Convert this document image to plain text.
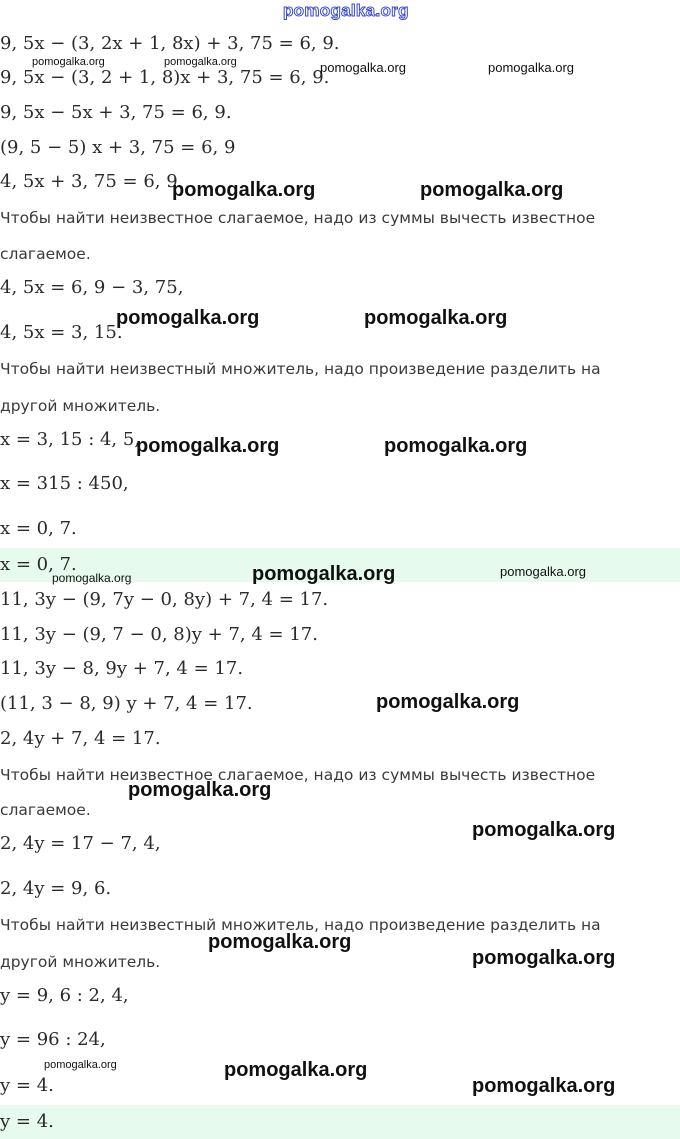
pomogalka.org
9, 5x − (3, 2x + 1, 8x) + 3, 75 = 6, 9.
9, 5x − (3, 2 + 1, 8)x + 3, 75 = 6, 9.
9, 5x − 5x + 3, 75 = 6, 9.
(9, 5 − 5) x + 3, 75 = 6, 9
4, 5x + 3, 75 = 6, 9
Чтобы найти неизвестное слагаемое, надо из суммы вычесть известное
слагаемое.
4, 5x = 6, 9 − 3, 75,
4, 5x = 3, 15.
Чтобы найти неизвестный множитель, надо произведение разделить на
другой множитель.
x = 3, 15 : 4, 5,
x = 315 : 450,
x = 0, 7.
x = 0, 7.
11, 3y − (9, 7y − 0, 8y) + 7, 4 = 17.
11, 3y − (9, 7 − 0, 8)y + 7, 4 = 17.
11, 3y − 8, 9y + 7, 4 = 17.
(11, 3 − 8, 9) y + 7, 4 = 17.
2, 4y + 7, 4 = 17.
Чтобы найти неизвестное слагаемое, надо из суммы вычесть известное
слагаемое.
2, 4y = 17 − 7, 4,
2, 4y = 9, 6.
Чтобы найти неизвестный множитель, надо произведение разделить на
другой множитель.
y = 9, 6 : 2, 4,
y = 96 : 24,
y = 4.
y = 4.
pomogalka.org	pomogalka.org	pomogalka.org	pomogalka.org
pomogalka.org	pomogalka.org
pomogalka.org	pomogalka.org
pomogalka.org	pomogalka.org
pomogalka.org	pomogalka.org	pomogalka.org
pomogalka.org
pomogalka.org
pomogalka.org
pomogalka.org
pomogalka.org
pomogalka.org	pomogalka.org
pomogalka.org
